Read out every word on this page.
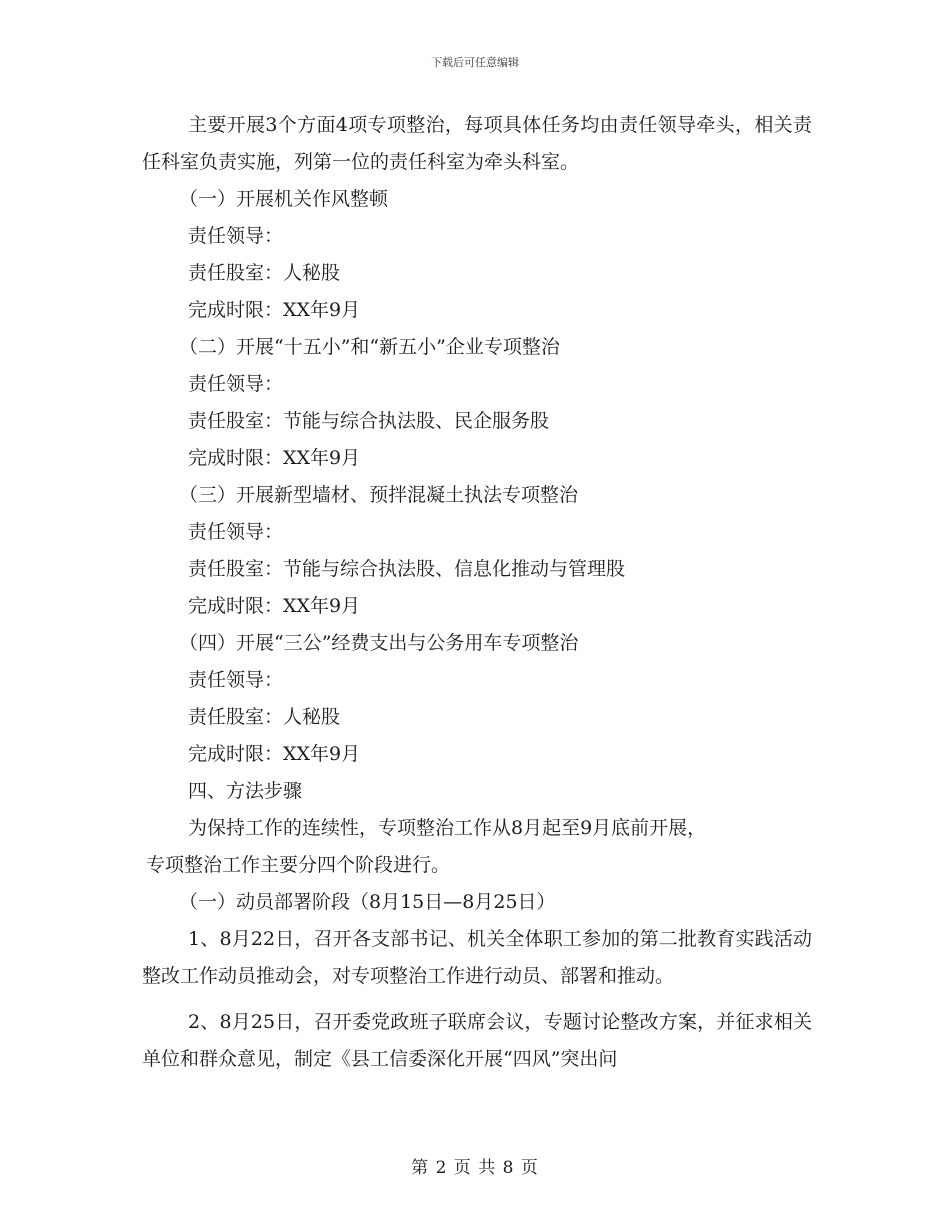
下载后可任意编辑

主要开展3个方面4项专项整治，每项具体任务均由责任领导牵头，相关责任科室负责实施，列第一位的责任科室为牵头科室。

（一）开展机关作风整顿

责任领导：

责任股室：人秘股

完成时限：XX年9月

（二）开展“十五小”和“新五小”企业专项整治

责任领导：

责任股室：节能与综合执法股、民企服务股

完成时限：XX年9月

（三）开展新型墙材、预拌混凝土执法专项整治

责任领导：

责任股室：节能与综合执法股、信息化推动与管理股

完成时限：XX年9月

（四）开展“三公”经费支出与公务用车专项整治

责任领导：

责任股室：人秘股

完成时限：XX年9月

四、方法步骤

为保持工作的连续性，专项整治工作从8月起至9月底前开展，

专项整治工作主要分四个阶段进行。

（一）动员部署阶段（8月15日—8月25日）

1、8月22日，召开各支部书记、机关全体职工参加的第二批教育实践活动整改工作动员推动会，对专项整治工作进行动员、部署和推动。

2、8月25日，召开委党政班子联席会议，专题讨论整改方案，并征求相关单位和群众意见，制定《县工信委深化开展“四风”突出问

第 2 页 共 8 页
